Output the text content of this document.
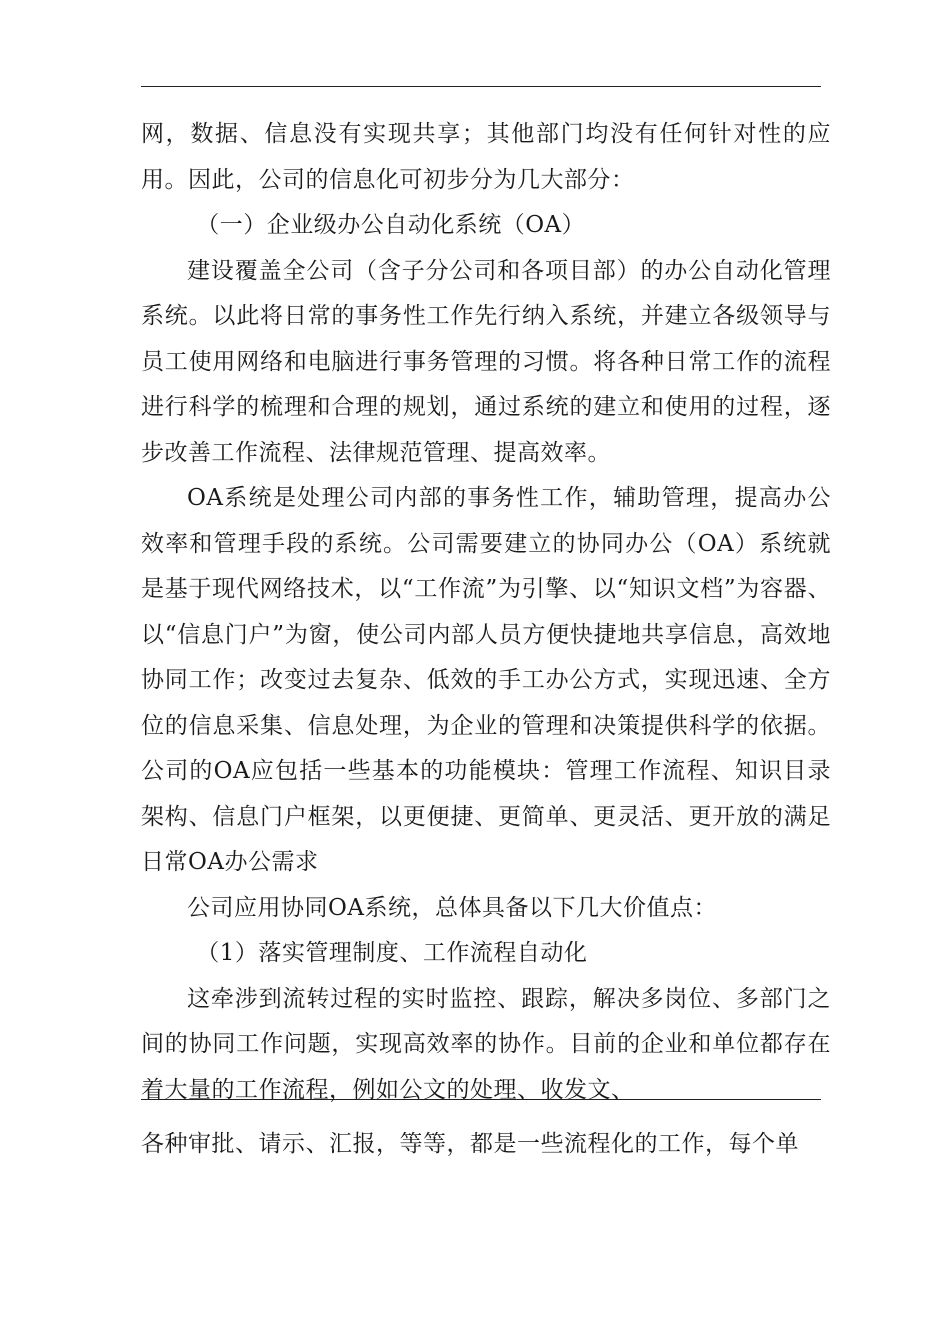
网，数据、信息没有实现共享；其他部门均没有任何针对性的应用。因此，公司的信息化可初步分为几大部分：

（一）企业级办公自动化系统（OA）

建设覆盖全公司（含子分公司和各项目部）的办公自动化管理系统。以此将日常的事务性工作先行纳入系统，并建立各级领导与员工使用网络和电脑进行事务管理的习惯。将各种日常工作的流程进行科学的梳理和合理的规划，通过系统的建立和使用的过程，逐步改善工作流程、法律规范管理、提高效率。

OA系统是处理公司内部的事务性工作，辅助管理，提高办公效率和管理手段的系统。公司需要建立的协同办公（OA）系统就是基于现代网络技术，以“工作流”为引擎、以“知识文档”为容器、以“信息门户”为窗，使公司内部人员方便快捷地共享信息，高效地协同工作；改变过去复杂、低效的手工办公方式，实现迅速、全方位的信息采集、信息处理，为企业的管理和决策提供科学的依据。公司的OA应包括一些基本的功能模块：管理工作流程、知识目录架构、信息门户框架，以更便捷、更简单、更灵活、更开放的满足日常OA办公需求

公司应用协同OA系统，总体具备以下几大价值点：

（1）落实管理制度、工作流程自动化

这牵涉到流转过程的实时监控、跟踪，解决多岗位、多部门之间的协同工作问题，实现高效率的协作。目前的企业和单位都存在着大量的工作流程，例如公文的处理、收发文、

各种审批、请示、汇报，等等，都是一些流程化的工作，每个单
